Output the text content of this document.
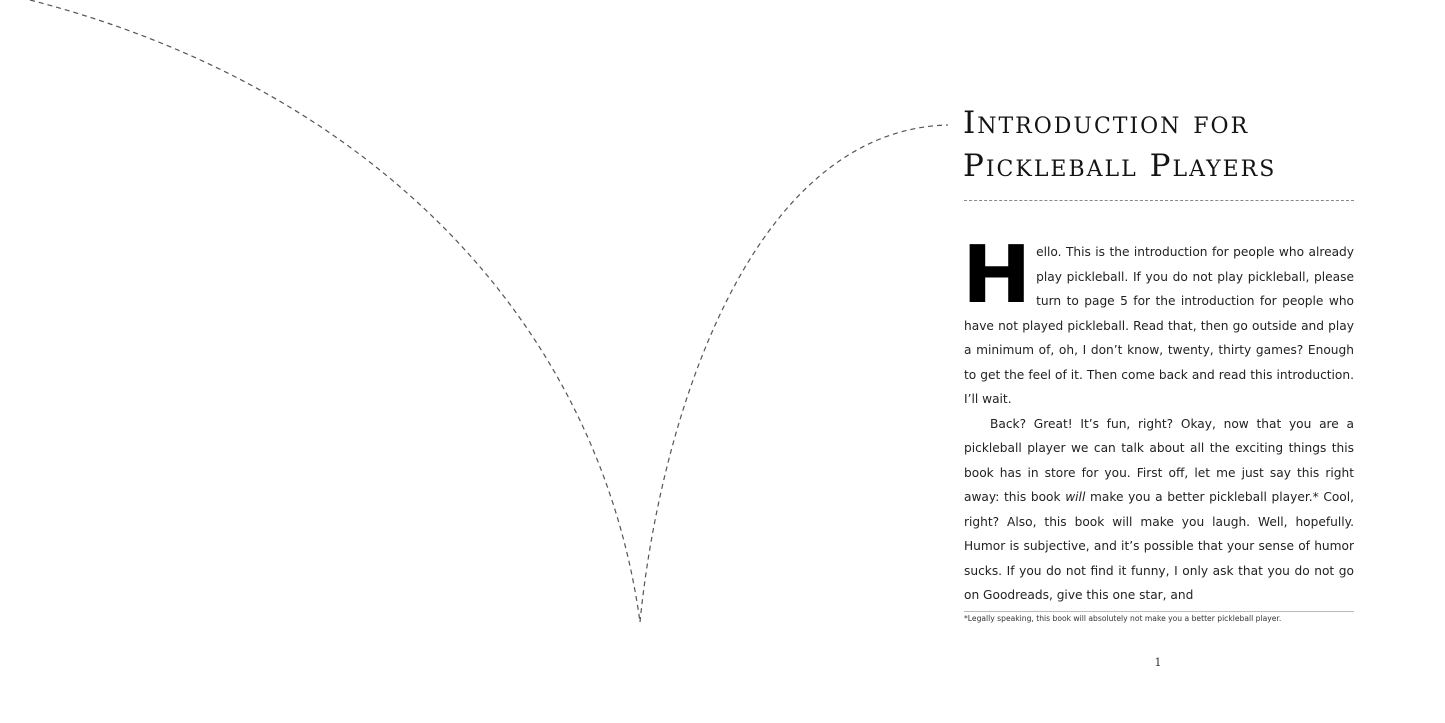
Introduction for
Pickleball Players

Hello. This is the introduction for people who already play pickleball. If you do not play pickleball, please turn to page 5 for the introduction for people who have not played pickleball. Read that, then go outside and play a minimum of, oh, I don’t know, twenty, thirty games? Enough to get the feel of it. Then come back and read this introduction. I’ll wait.

Back? Great! It’s fun, right? Okay, now that you are a pickleball player we can talk about all the exciting things this book has in store for you. First off, let me just say this right away: this book will make you a better pickleball player.* Cool, right? Also, this book will make you laugh. Well, hopefully. Humor is subjective, and it’s possible that your sense of humor sucks. If you do not find it funny, I only ask that you do not go on Goodreads, give this one star, and

*Legally speaking, this book will absolutely not make you a better pickleball player.
1
